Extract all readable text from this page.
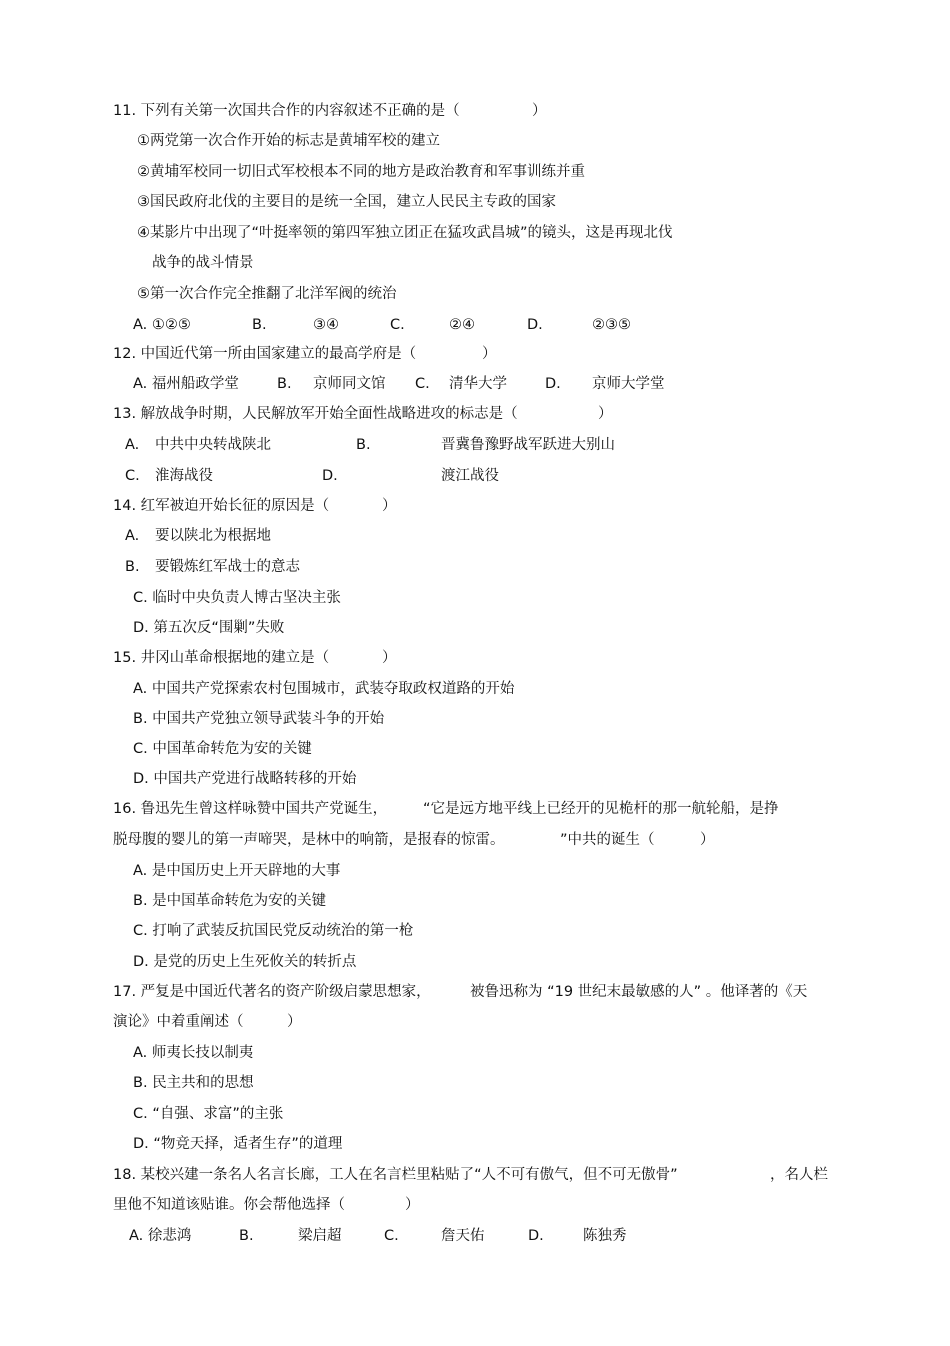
11. 下列有关第一次国共合作的内容叙述不正确的是（	）
①两党第一次合作开始的标志是黄埔军校的建立
②黄埔军校同一切旧式军校根本不同的地方是政治教育和军事训练并重
③国民政府北伐的主要目的是统一全国，建立人民民主专政的国家
④某影片中出现了“叶挺率领的第四军独立团正在猛攻武昌城”的镜头，这是再现北伐
战争的战斗情景
⑤第一次合作完全推翻了北洋军阀的统治
A. ①②⑤	B.	③④	C.	②④	D.	②③⑤
12. 中国近代第一所由国家建立的最高学府是（	）
A. 福州船政学堂	B. 京师同文馆 C. 清华大学	D. 京师大学堂
13. 解放战争时期，人民解放军开始全面性战略进攻的标志是（	）
A. 中共中央转战陕北	B.	晋冀鲁豫野战军跃进大别山
C. 淮海战役	D.	渡江战役
14. 红军被迫开始长征的原因是（	）
A. 要以陕北为根据地
B. 要锻炼红军战士的意志
C. 临时中央负责人博古坚决主张
D. 第五次反“围剿”失败
15. 井冈山革命根据地的建立是（	）
A. 中国共产党探索农村包围城市，武装夺取政权道路的开始
B. 中国共产党独立领导武装斗争的开始
C. 中国革命转危为安的关键
D. 中国共产党进行战略转移的开始
16. 鲁迅先生曾这样咏赞中国共产党诞生， “它是远方地平线上已经开的见桅杆的那一航轮船，是挣
脱母腹的婴儿的第一声啼哭，是林中的响箭，是报春的惊雷。	”中共的诞生（	）
A. 是中国历史上开天辟地的大事
B. 是中国革命转危为安的关键
C. 打响了武装反抗国民党反动统治的第一枪
D. 是党的历史上生死攸关的转折点
17. 严复是中国近代著名的资产阶级启蒙思想家，	被鲁迅称为 “19 世纪末最敏感的人” 。他译著的《天
演论》中着重阐述（	）
A. 师夷长技以制夷
B. 民主共和的思想
C. “自强、求富”的主张
D. “物竞天择，适者生存”的道理
18. 某校兴建一条名人名言长廊，工人在名言栏里粘贴了“人不可有傲气，但不可无傲骨”	，名人栏
里他不知道该贴谁。你会帮他选择（	）
A. 徐悲鸿	B.	梁启超	C.	詹天佑	D.	陈独秀
